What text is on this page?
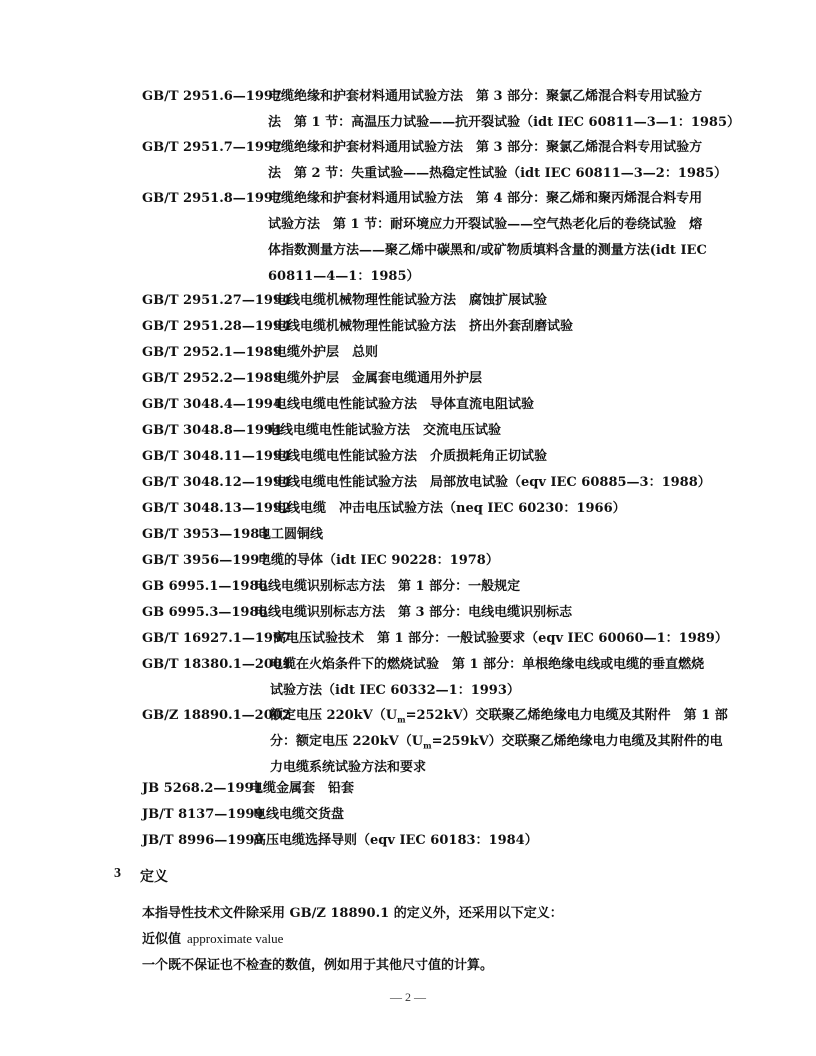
GB/T 2951.6—1997
电缆绝缘和护套材料通用试验方法　第 3 部分：聚氯乙烯混合料专用试验方
法　第 1 节：高温压力试验——抗开裂试验（idt IEC 60811—3—1：1985）
GB/T 2951.7—1997
电缆绝缘和护套材料通用试验方法　第 3 部分：聚氯乙烯混合料专用试验方
法　第 2 节：失重试验——热稳定性试验（idt IEC 60811—3—2：1985）
GB/T 2951.8—1997
电缆绝缘和护套材料通用试验方法　第 4 部分：聚乙烯和聚丙烯混合料专用
试验方法　第 1 节：耐环境应力开裂试验——空气热老化后的卷绕试验　熔
体指数测量方法——聚乙烯中碳黑和/或矿物质填料含量的测量方法(idt IEC
60811—4—1：1985）
GB/T 2951.27—1994电线电缆机械物理性能试验方法　腐蚀扩展试验
GB/T 2951.28—1994电线电缆机械物理性能试验方法　挤出外套刮磨试验
GB/T 2952.1—1989电缆外护层　总则
GB/T 2952.2—1989电缆外护层　金属套电缆通用外护层
GB/T 3048.4—1994电线电缆电性能试验方法　导体直流电阻试验
GB/T 3048.8—1994电线电缆电性能试验方法　交流电压试验
GB/T 3048.11—1994电线电缆电性能试验方法　介质损耗角正切试验
GB/T 3048.12—1994电线电缆电性能试验方法　局部放电试验（eqv IEC 60885—3：1988）
GB/T 3048.13—1992电线电缆　冲击电压试验方法（neq IEC 60230：1966）
GB/T 3953—1983电工圆铜线
GB/T 3956—1997电缆的导体（idt IEC 90228：1978）
GB 6995.1—1986电线电缆识别标志方法　第 1 部分：一般规定
GB 6995.3—1986电线电缆识别标志方法　第 3 部分：电线电缆识别标志
GB/T 16927.1—1997高电压试验技术　第 1 部分：一般试验要求（eqv IEC 60060—1：1989）
GB/T 18380.1—2001
电缆在火焰条件下的燃烧试验　第 1 部分：单根绝缘电线或电缆的垂直燃烧
试验方法（idt IEC 60332—1：1993）
GB/Z 18890.1—2002
额定电压 $220kV(U_m=252kV)$交联聚乙烯绝缘电力电缆及其附件　第 1 部
分：额定电压 $220kV(U_m=259kV)$交联聚乙烯绝缘电力电缆及其附件的电
力电缆系统试验方法和要求
JB 5268.2—1991电缆金属套　铅套
JB/T 8137—1999电线电缆交货盘
JB/T 8996—1999高压电缆选择导则（eqv IEC 60183：1984）
3 定义
本指导性技术文件除采用 GB/Z 18890.1 的定义外，还采用以下定义：
近似值 approximate value
一个既不保证也不检查的数值，例如用于其他尺寸值的计算。
— 2 —
